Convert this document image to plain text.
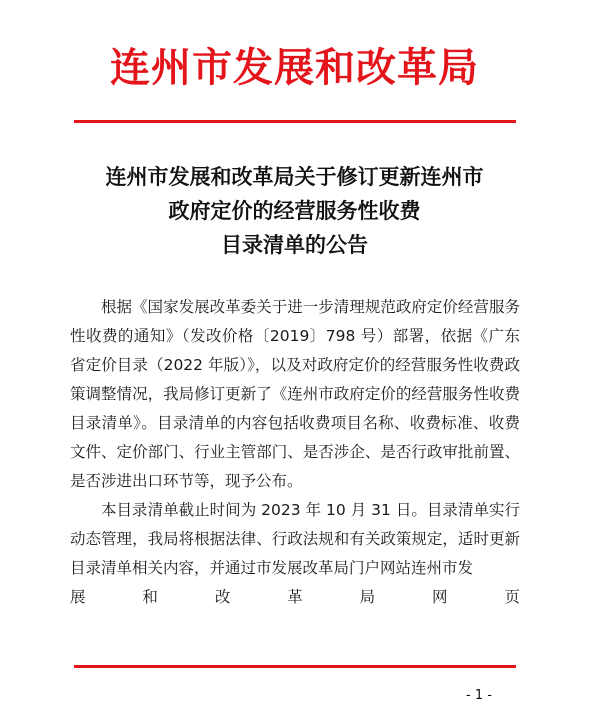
连州市发展和改革局
连州市发展和改革局关于修订更新连州市
政府定价的经营服务性收费
目录清单的公告

根据《国家发展改革委关于进一步清理规范政府定价经营服务性收费的通知》（发改价格〔2019〕798 号）部署，依据《广东省定价目录（2022 年版）》，以及对政府定价的经营服务性收费政策调整情况，我局修订更新了《连州市政府定价的经营服务性收费目录清单》。目录清单的内容包括收费项目名称、收费标准、收费文件、定价部门、行业主管部门、是否涉企、是否行政审批前置、是否涉进出口环节等，现予公布。

本目录清单截止时间为 2023 年 10 月 31 日。目录清单实行动态管理，我局将根据法律、行政法规和有关政策规定，适时更新目录清单相关内容，并通过市发展改革局门户网站连州市发

展	和	改	革	局	网	页
- 1 -
